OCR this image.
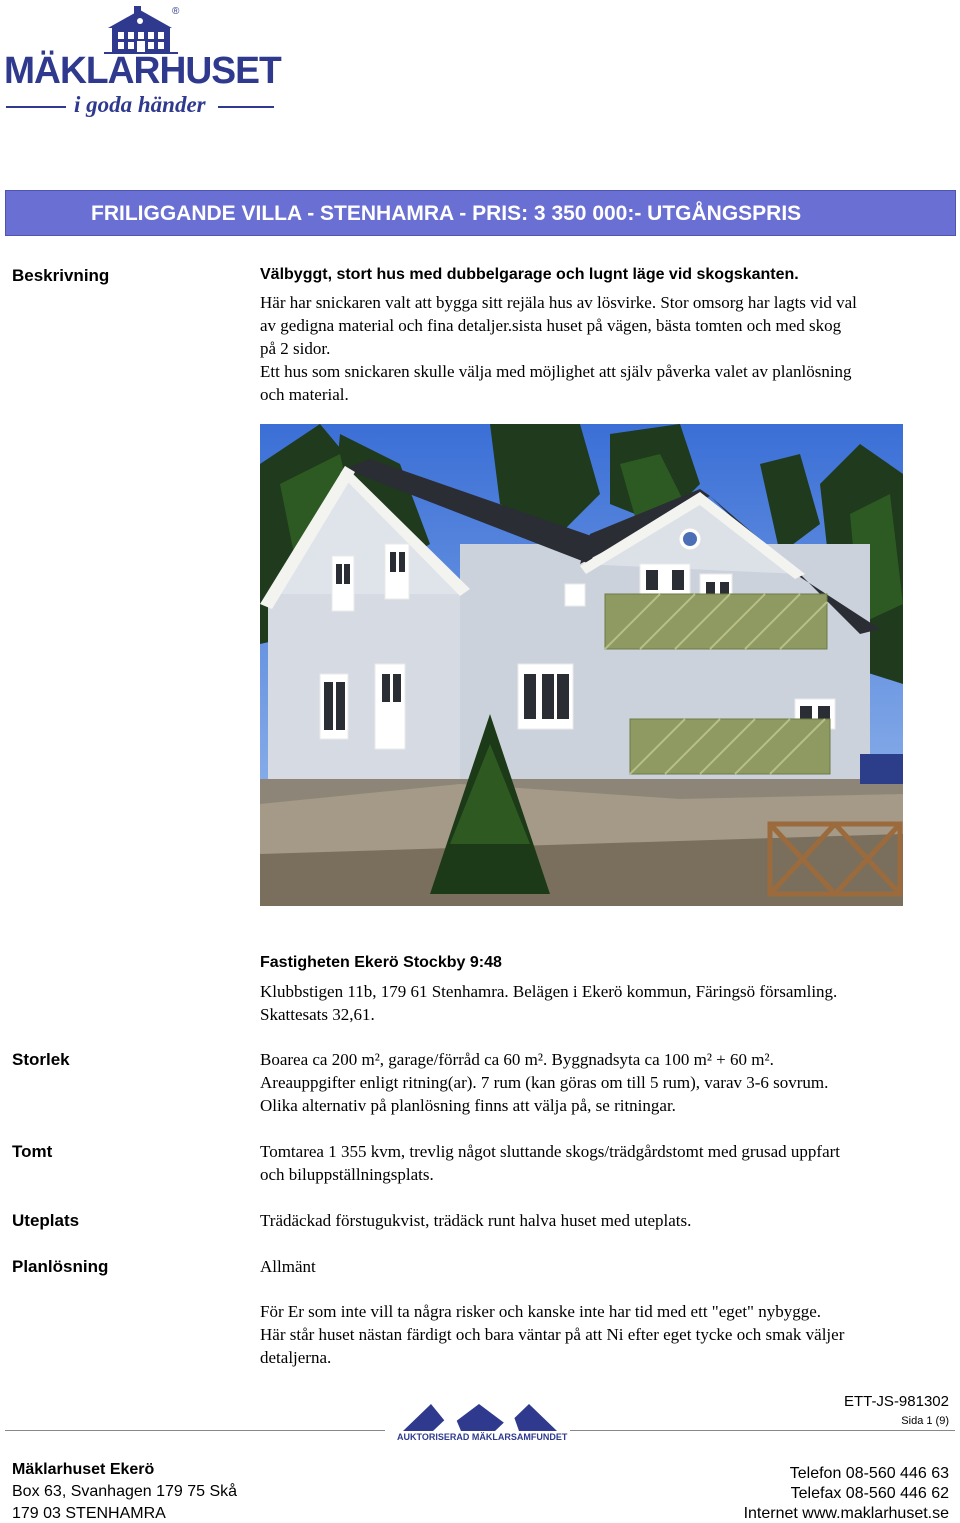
®
MÄKLARHUSET
i goda händer
FRILIGGANDE VILLA - STENHAMRA - PRIS: 3 350 000:- UTGÅNGSPRIS
Beskrivning	Välbyggt, stort hus med dubbelgarage och lugnt läge vid skogskanten.
Här har snickaren valt att bygga sitt rejäla hus av lösvirke. Stor omsorg har lagts vid val
av gedigna material och fina detaljer.sista huset på vägen, bästa tomten och med skog
på 2 sidor.
Ett hus som snickaren skulle välja med möjlighet att själv påverka valet av planlösning
och material.
Fastigheten Ekerö Stockby 9:48
Klubbstigen 11b, 179 61 Stenhamra. Belägen i Ekerö kommun, Färingsö församling.
Skattesats 32,61.
Storlek	Boarea ca 200 m², garage/förråd ca 60 m². Byggnadsyta ca 100 m² + 60 m².
Areauppgifter enligt ritning(ar). 7 rum (kan göras om till 5 rum), varav 3-6 sovrum.
Olika alternativ på planlösning finns att välja på, se ritningar.
Tomt	Tomtarea 1 355 kvm, trevlig något sluttande skogs/trädgårdstomt med grusad uppfart
och biluppställningsplats.
Uteplats	Trädäckad förstugukvist, trädäck runt halva huset med uteplats.
Planlösning	Allmänt
För Er som inte vill ta några risker och kanske inte har tid med ett "eget" nybygge.
Här står huset nästan färdigt och bara väntar på att Ni efter eget tycke och smak väljer
detaljerna.
ETT-JS-981302
Sida 1 (9)
AUKTORISERAD MÄKLARSAMFUNDET
Mäklarhuset Ekerö
Box 63, Svanhagen 179 75 Skå
179 03 STENHAMRA
Telefon 08-560 446 63
Telefax 08-560 446 62
Internet www.maklarhuset.se
